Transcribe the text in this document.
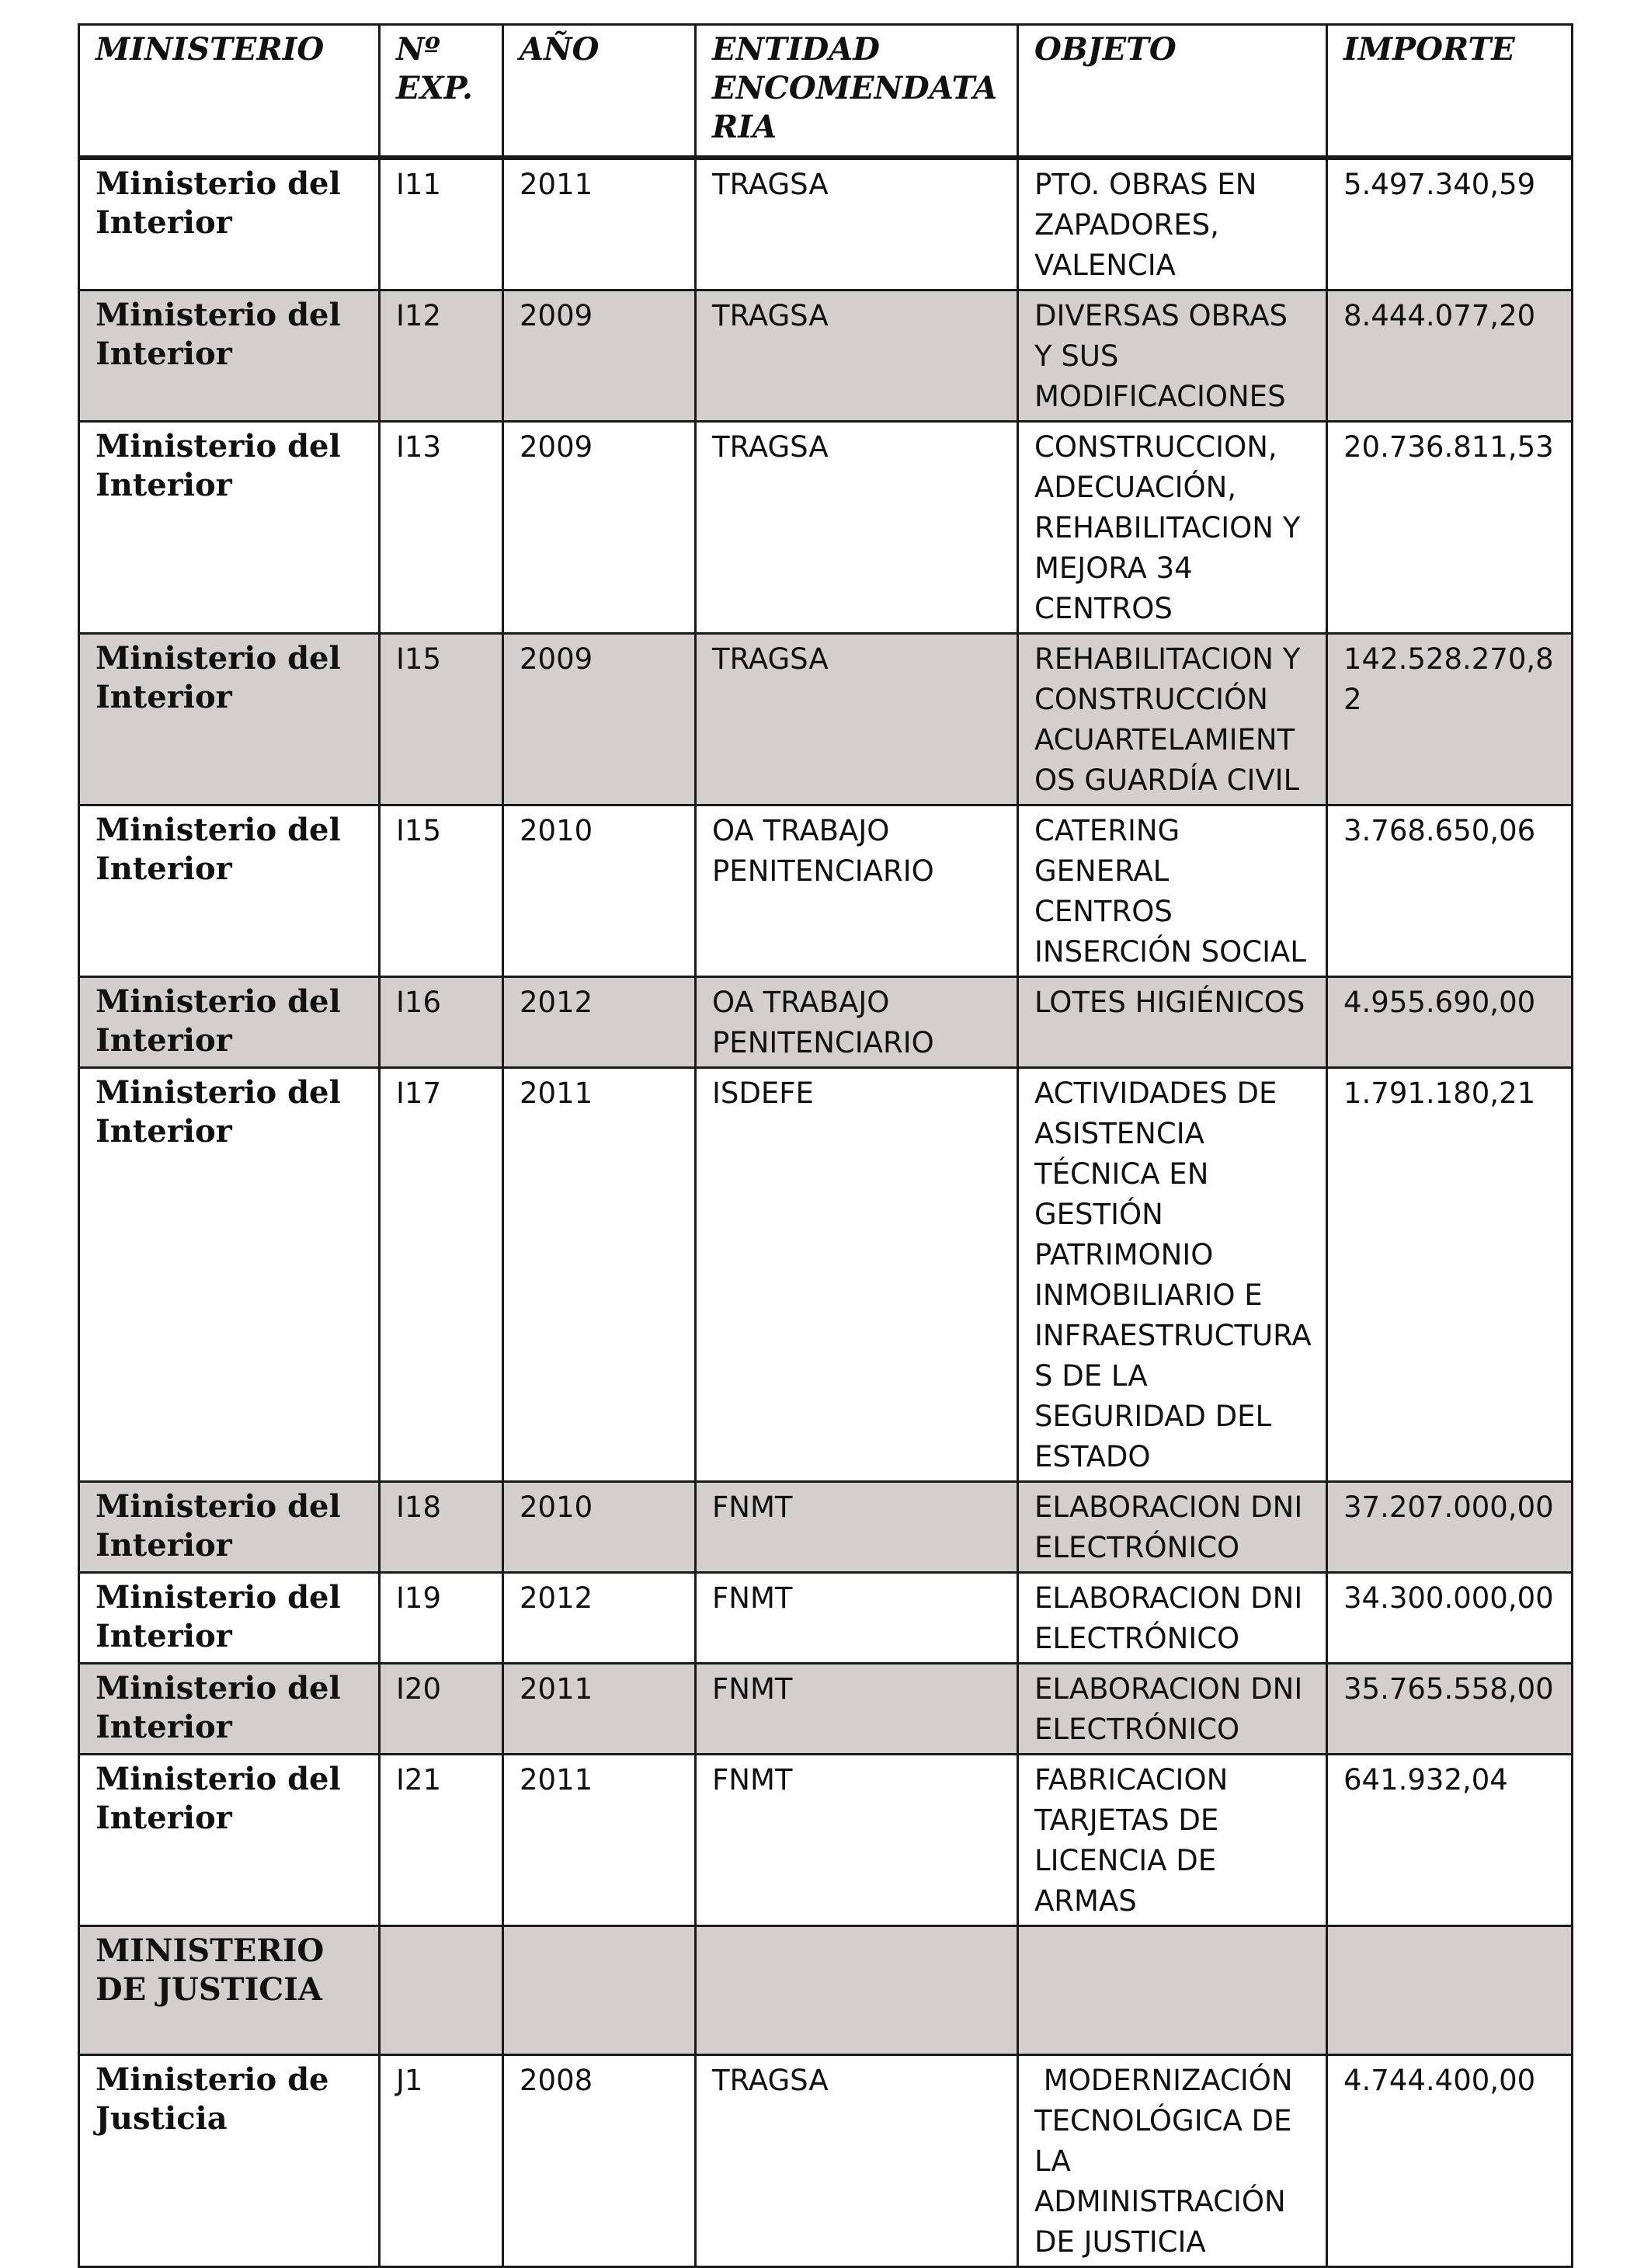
MINISTERIO	Nº EXP.	AÑO	ENTIDAD ENCOMENDATARIA	OBJETO	IMPORTE
Ministerio del Interior	I11	2011	TRAGSA	PTO. OBRAS EN ZAPADORES, VALENCIA	5.497.340,59
Ministerio del Interior	I12	2009	TRAGSA	DIVERSAS OBRAS Y SUS MODIFICACIONES	8.444.077,20
Ministerio del Interior	I13	2009	TRAGSA	CONSTRUCCION, ADECUACIÓN, REHABILITACION Y MEJORA 34 CENTROS	20.736.811,53
Ministerio del Interior	I15	2009	TRAGSA	REHABILITACION Y CONSTRUCCIÓN ACUARTELAMIENTOS GUARDÍA CIVIL	142.528.270,82
Ministerio del Interior	I15	2010	OA TRABAJO PENITENCIARIO	CATERING GENERAL CENTROS INSERCIÓN SOCIAL	3.768.650,06
Ministerio del Interior	I16	2012	OA TRABAJO PENITENCIARIO	LOTES HIGIÉNICOS	4.955.690,00
Ministerio del Interior	I17	2011	ISDEFE	ACTIVIDADES DE ASISTENCIA TÉCNICA EN GESTIÓN PATRIMONIO INMOBILIARIO E INFRAESTRUCTURAS DE LA SEGURIDAD DEL ESTADO	1.791.180,21
Ministerio del Interior	I18	2010	FNMT	ELABORACION DNI ELECTRÓNICO	37.207.000,00
Ministerio del Interior	I19	2012	FNMT	ELABORACION DNI ELECTRÓNICO	34.300.000,00
Ministerio del Interior	I20	2011	FNMT	ELABORACION DNI ELECTRÓNICO	35.765.558,00
Ministerio del Interior	I21	2011	FNMT	FABRICACION TARJETAS DE LICENCIA DE ARMAS	641.932,04
MINISTERIO DE JUSTICIA					
Ministerio de Justicia	J1	2008	TRAGSA	MODERNIZACIÓN TECNOLÓGICA DE LA ADMINISTRACIÓN DE JUSTICIA	4.744.400,00
